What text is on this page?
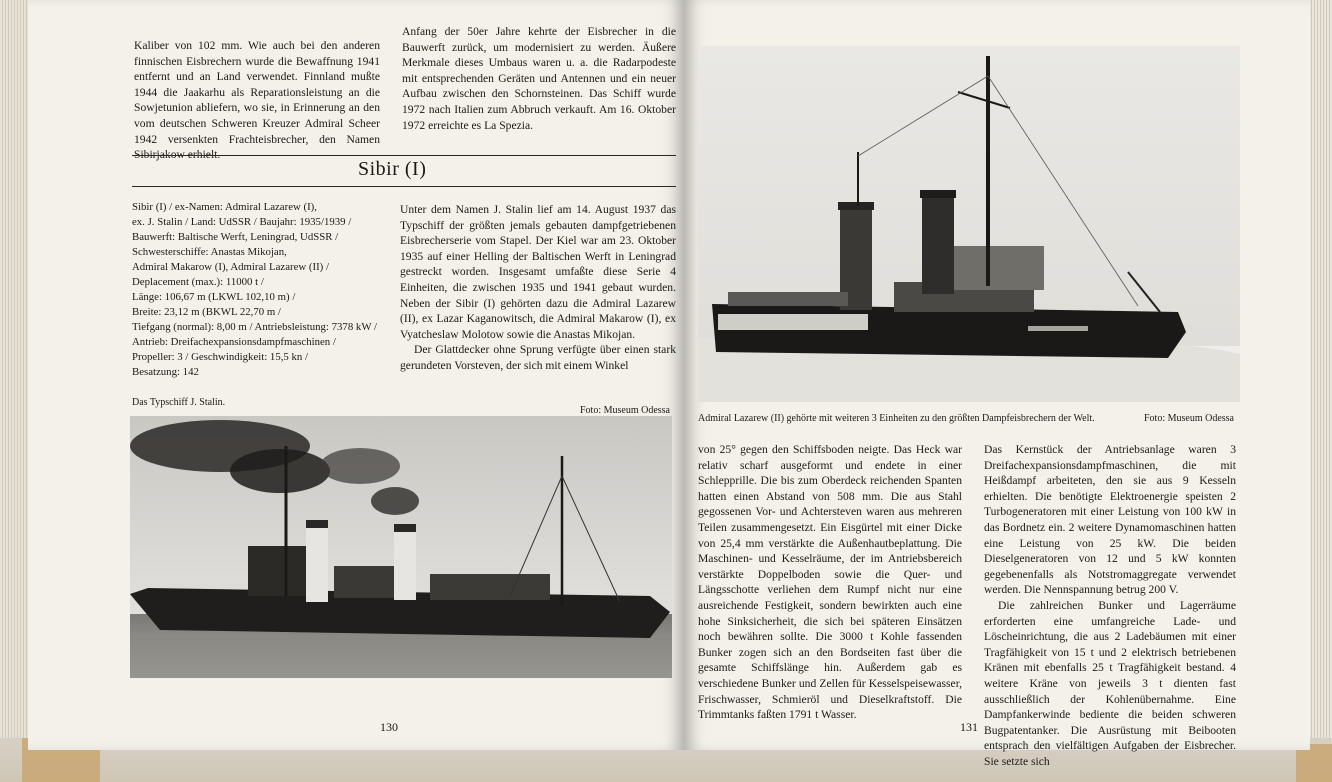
Kaliber von 102 mm. Wie auch bei den anderen finnischen Eisbrechern wurde die Bewaffnung 1941 entfernt und an Land verwendet. Finnland mußte 1944 die Jaakarhu als Reparationsleistung an die Sowjetunion abliefern, wo sie, in Erinnerung an den vom deutschen Schweren Kreuzer Admiral Scheer 1942 versenkten Frachteisbrecher, den Namen Sibirjakow erhielt.

Anfang der 50er Jahre kehrte der Eisbrecher in die Bauwerft zurück, um modernisiert zu werden. Äußere Merkmale dieses Umbaus waren u. a. die Radarpodeste mit entsprechenden Geräten und Antennen und ein neuer Aufbau zwischen den Schornsteinen. Das Schiff wurde 1972 nach Italien zum Abbruch verkauft. Am 16. Oktober 1972 erreichte es La Spezia.

Sibir (I)
Sibir (I) / ex-Namen: Admiral Lazarew (I),
ex. J. Stalin / Land: UdSSR / Baujahr: 1935/1939 /
Bauwerft: Baltische Werft, Leningrad, UdSSR /
Schwesterschiffe: Anastas Mikojan,
Admiral Makarow (I), Admiral Lazarew (II) /
Deplacement (max.): 11000 t /
Länge: 106,67 m (LKWL 102,10 m) /
Breite: 23,12 m (BKWL 22,70 m /
Tiefgang (normal): 8,00 m / Antriebsleistung: 7378 kW /
Antrieb: Dreifachexpansionsdampfmaschinen /
Propeller: 3 / Geschwindigkeit: 15,5 kn /
Besatzung: 142
Unter dem Namen J. Stalin lief am 14. August 1937 das Typschiff der größten jemals gebauten dampfgetriebenen Eisbrecherserie vom Stapel. Der Kiel war am 23. Oktober 1935 auf einer Helling der Baltischen Werft in Leningrad gestreckt worden. Insgesamt umfaßte diese Serie 4 Einheiten, die zwischen 1935 und 1941 gebaut wurden. Neben der Sibir (I) gehörten dazu die Admiral Lazarew (II), ex Lazar Kaganowitsch, die Admiral Makarow (I), ex Vyatcheslaw Molotow sowie die Anastas Mikojan.
Der Glattdecker ohne Sprung verfügte über einen stark gerundeten Vorsteven, der sich mit einem Winkel
Das Typschiff J. Stalin.
Foto: Museum Odessa
130
Admiral Lazarew (II) gehörte mit weiteren 3 Einheiten zu den größten Dampfeisbrechern der Welt.	Foto: Museum Odessa

von 25° gegen den Schiffsboden neigte. Das Heck war relativ scharf ausgeformt und endete in einer Schlepprille. Die bis zum Oberdeck reichenden Spanten hatten einen Abstand von 508 mm. Die aus Stahl gegossenen Vor- und Achtersteven waren aus mehreren Teilen zusammengesetzt. Ein Eisgürtel mit einer Dicke von 25,4 mm verstärkte die Außenhautbeplattung. Die Maschinen- und Kesselräume, der im Antriebsbereich verstärkte Doppelboden sowie die Quer- und Längsschotte verliehen dem Rumpf nicht nur eine ausreichende Festigkeit, sondern bewirkten auch eine hohe Sinksicherheit, die sich bei späteren Einsätzen noch bewähren sollte. Die 3000 t Kohle fassenden Bunker zogen sich an den Bordseiten fast über die gesamte Schiffslänge hin. Außerdem gab es verschiedene Bunker und Zellen für Kesselspeisewasser, Frischwasser, Schmieröl und Dieselkraftstoff. Die Trimmtanks faßten 1791 t Wasser.

Das Kernstück der Antriebsanlage waren 3 Dreifachexpansionsdampfmaschinen, die mit Heißdampf arbeiteten, den sie aus 9 Kesseln erhielten. Die benötigte Elektroenergie speisten 2 Turbogeneratoren mit einer Leistung von 100 kW in das Bordnetz ein. 2 weitere Dynamomaschinen hatten eine Leistung von 25 kW. Die beiden Dieselgeneratoren von 12 und 5 kW konnten gegebenenfalls als Notstromaggregate verwendet werden. Die Nennspannung betrug 200 V.
Die zahlreichen Bunker und Lagerräume erforderten eine umfangreiche Lade- und Löscheinrichtung, die aus 2 Ladebäumen mit einer Tragfähigkeit von 15 t und 2 elektrisch betriebenen Kränen mit ebenfalls 25 t Tragfähigkeit bestand. 4 weitere Kräne von jeweils 3 t dienten fast ausschließlich der Kohlenübernahme. Eine Dampfankerwinde bediente die beiden schweren Bugpatentanker. Die Ausrüstung mit Beibooten entsprach den vielfältigen Aufgaben der Eisbrecher. Sie setzte sich
131
